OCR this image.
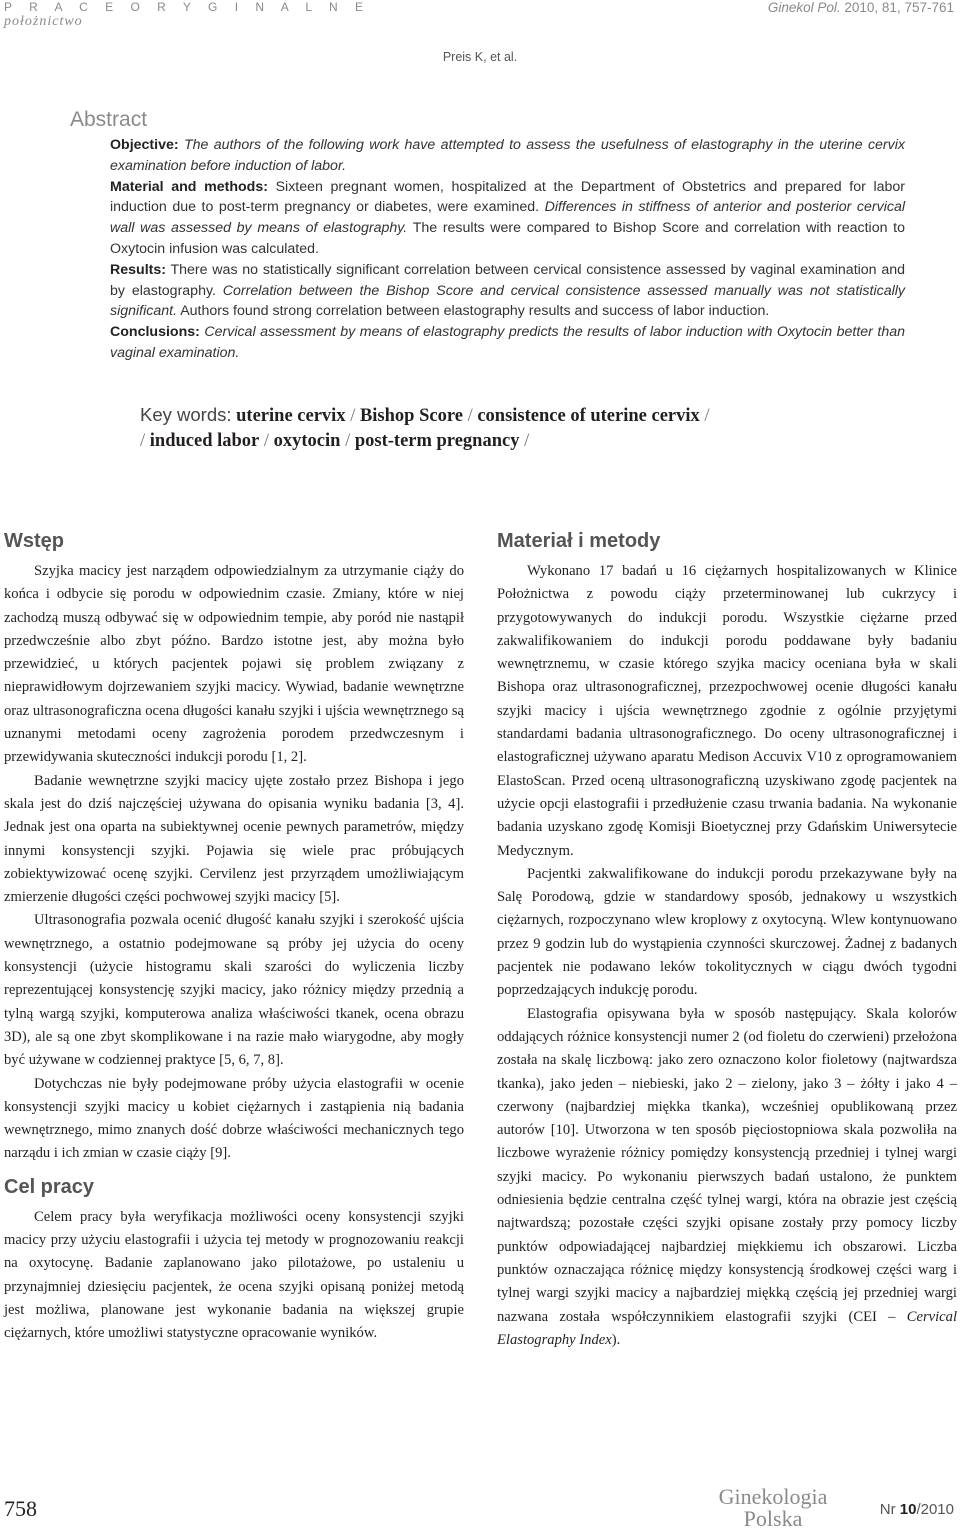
P R A C E O R Y G I N A L N E
położnictwo
Ginekol Pol. 2010, 81, 757-761
Preis K, et al.
Abstract

Objective: The authors of the following work have attempted to assess the usefulness of elastography in the uterine cervix examination before induction of labor.

Material and methods: Sixteen pregnant women, hospitalized at the Department of Obstetrics and prepared for labor induction due to post-term pregnancy or diabetes, were examined. Differences in stiffness of anterior and posterior cervical wall was assessed by means of elastography. The results were compared to Bishop Score and correlation with reaction to Oxytocin infusion was calculated.

Results: There was no statistically significant correlation between cervical consistence assessed by vaginal examination and by elastography. Correlation between the Bishop Score and cervical consistence assessed manually was not statistically significant. Authors found strong correlation between elastography results and success of labor induction.

Conclusions: Cervical assessment by means of elastography predicts the results of labor induction with Oxytocin better than vaginal examination.

Key words: uterine cervix / Bishop Score / consistence of uterine cervix /
/ induced labor / oxytocin / post-term pregnancy /
Wstęp

Szyjka macicy jest narządem odpowiedzialnym za utrzymanie ciąży do końca i odbycie się porodu w odpowiednim czasie. Zmiany, które w niej zachodzą muszą odbywać się w odpowiednim tempie, aby poród nie nastąpił przedwcześnie albo zbyt późno. Bardzo istotne jest, aby można było przewidzieć, u których pacjentek pojawi się problem związany z nieprawidłowym dojrzewaniem szyjki macicy. Wywiad, badanie wewnętrzne oraz ultrasonograficzna ocena długości kanału szyjki i ujścia wewnętrznego są uznanymi metodami oceny zagrożenia porodem przedwczesnym i przewidywania skuteczności indukcji porodu [1, 2].

Badanie wewnętrzne szyjki macicy ujęte zostało przez Bishopa i jego skala jest do dziś najczęściej używana do opisania wyniku badania [3, 4]. Jednak jest ona oparta na subiektywnej ocenie pewnych parametrów, między innymi konsystencji szyjki. Pojawia się wiele prac próbujących zobiektywizować ocenę szyjki. Cervilenz jest przyrządem umożliwiającym zmierzenie długości części pochwowej szyjki macicy [5].

Ultrasonografia pozwala ocenić długość kanału szyjki i szerokość ujścia wewnętrznego, a ostatnio podejmowane są próby jej użycia do oceny konsystencji (użycie histogramu skali szarości do wyliczenia liczby reprezentującej konsystencję szyjki macicy, jako różnicy między przednią a tylną wargą szyjki, komputerowa analiza właściwości tkanek, ocena obrazu 3D), ale są one zbyt skomplikowane i na razie mało wiarygodne, aby mogły być używane w codziennej praktyce [5, 6, 7, 8].

Dotychczas nie były podejmowane próby użycia elastografii w ocenie konsystencji szyjki macicy u kobiet ciężarnych i zastąpienia nią badania wewnętrznego, mimo znanych dość dobrze właściwości mechanicznych tego narządu i ich zmian w czasie ciąży [9].

Cel pracy

Celem pracy była weryfikacja możliwości oceny konsystencji szyjki macicy przy użyciu elastografii i użycia tej metody w prognozowaniu reakcji na oxytocynę. Badanie zaplanowano jako pilotażowe, po ustaleniu u przynajmniej dziesięciu pacjentek, że ocena szyjki opisaną poniżej metodą jest możliwa, planowane jest wykonanie badania na większej grupie ciężarnych, które umożliwi statystyczne opracowanie wyników.

Materiał i metody

Wykonano 17 badań u 16 ciężarnych hospitalizowanych w Klinice Położnictwa z powodu ciąży przeterminowanej lub cukrzycy i przygotowywanych do indukcji porodu. Wszystkie ciężarne przed zakwalifikowaniem do indukcji porodu poddawane były badaniu wewnętrznemu, w czasie którego szyjka macicy oceniana była w skali Bishopa oraz ultrasonograficznej, przezpochwowej ocenie długości kanału szyjki macicy i ujścia wewnętrznego zgodnie z ogólnie przyjętymi standardami badania ultrasonograficznego. Do oceny ultrasonograficznej i elastograficznej używano aparatu Medison Accuvix V10 z oprogramowaniem ElastoScan. Przed oceną ultrasonograficzną uzyskiwano zgodę pacjentek na użycie opcji elastografii i przedłużenie czasu trwania badania. Na wykonanie badania uzyskano zgodę Komisji Bioetycznej przy Gdańskim Uniwersytecie Medycznym.

Pacjentki zakwalifikowane do indukcji porodu przekazywane były na Salę Porodową, gdzie w standardowy sposób, jednakowy u wszystkich ciężarnych, rozpoczynano wlew kroplowy z oxytocyną. Wlew kontynuowano przez 9 godzin lub do wystąpienia czynności skurczowej. Żadnej z badanych pacjentek nie podawano leków tokolitycznych w ciągu dwóch tygodni poprzedzających indukcję porodu.

Elastografia opisywana była w sposób następujący. Skala kolorów oddających różnice konsystencji numer 2 (od fioletu do czerwieni) przełożona została na skalę liczbową: jako zero oznaczono kolor fioletowy (najtwardsza tkanka), jako jeden – niebieski, jako 2 – zielony, jako 3 – żółty i jako 4 – czerwony (najbardziej miękka tkanka), wcześniej opublikowaną przez autorów [10]. Utworzona w ten sposób pięciostopniowa skala pozwoliła na liczbowe wyrażenie różnicy pomiędzy konsystencją przedniej i tylnej wargi szyjki macicy. Po wykonaniu pierwszych badań ustalono, że punktem odniesienia będzie centralna część tylnej wargi, która na obrazie jest częścią najtwardszą; pozostałe części szyjki opisane zostały przy pomocy liczby punktów odpowiadającej najbardziej miękkiemu ich obszarowi. Liczba punktów oznaczająca różnicę między konsystencją środkowej części warg i tylnej wargi szyjki macicy a najbardziej miękką częścią jej przedniej wargi nazwana została współczynnikiem elastografii szyjki (CEI – Cervical Elastography Index).

758	Ginekologia
Polska	Nr 10/2010
